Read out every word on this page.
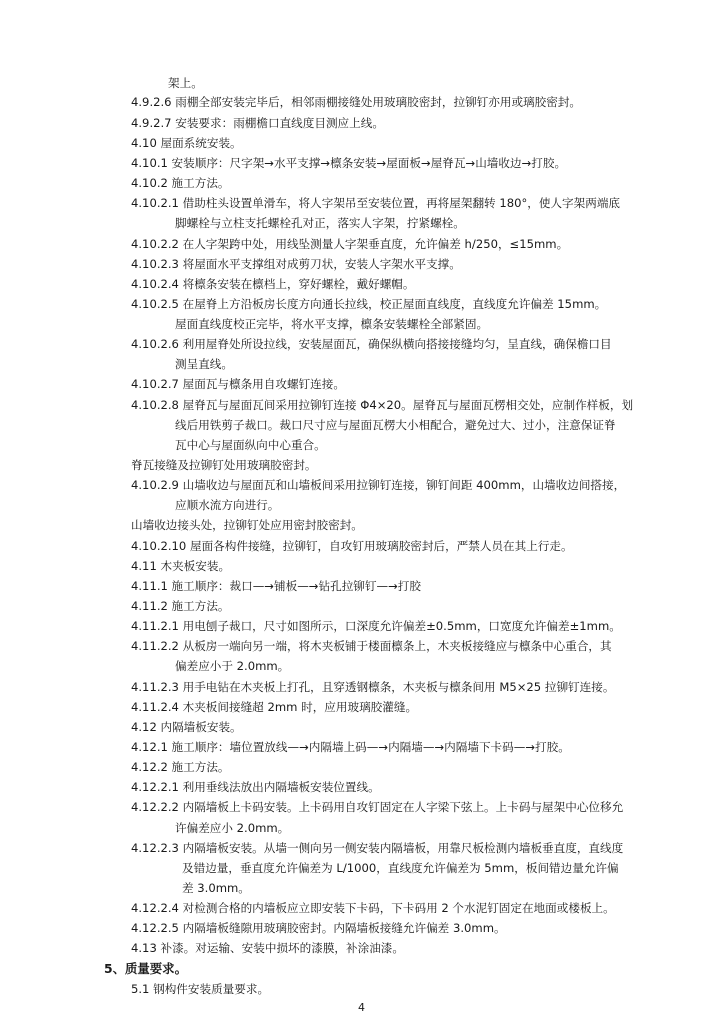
架上。
4.9.2.6 雨棚全部安装完毕后，相邻雨棚接缝处用玻璃胶密封，拉铆钉亦用或璃胶密封。
4.9.2.7 安装要求：雨棚檐口直线度目测应上线。
4.10 屋面系统安装。
4.10.1 安装顺序：尺字架→水平支撑→檩条安装→屋面板→屋脊瓦→山墙收边→打胶。
4.10.2 施工方法。
4.10.2.1 借助柱头设置单滑车，将人字架吊至安装位置，再将屋架翻转 180°，使人字架两端底
脚螺栓与立柱支托螺栓孔对正，落实人字架，拧紧螺栓。
4.10.2.2 在人字架跨中处，用线坠测量人字架垂直度，允许偏差 h/250，≤15mm。
4.10.2.3 将屋面水平支撑组对成剪刀状，安装人字架水平支撑。
4.10.2.4 将檩条安装在檩档上，穿好螺栓，戴好螺帽。
4.10.2.5 在屋脊上方沿板房长度方向通长拉线，校正屋面直线度，直线度允许偏差 15mm。
屋面直线度校正完毕，将水平支撑，檩条安装螺栓全部紧固。
4.10.2.6 利用屋脊处所设拉线，安装屋面瓦，确保纵横向搭接接缝均匀，呈直线，确保檐口目
测呈直线。
4.10.2.7 屋面瓦与檩条用自攻螺钉连接。
4.10.2.8 屋脊瓦与屋面瓦间采用拉铆钉连接 Φ4×20。屋脊瓦与屋面瓦楞相交处，应制作样板，划
线后用铁剪子裁口。裁口尺寸应与屋面瓦楞大小相配合，避免过大、过小，注意保证脊
瓦中心与屋面纵向中心重合。
脊瓦接缝及拉铆钉处用玻璃胶密封。
4.10.2.9 山墙收边与屋面瓦和山墙板间采用拉铆钉连接，铆钉间距 400mm，山墙收边间搭接，
应顺水流方向进行。
山墙收边接头处，拉铆钉处应用密封胶密封。
4.10.2.10 屋面各构件接缝，拉铆钉，自攻钉用玻璃胶密封后，严禁人员在其上行走。
4.11 木夹板安装。
4.11.1 施工顺序：裁口—→铺板—→钻孔拉铆钉—→打胶
4.11.2 施工方法。
4.11.2.1 用电刨子裁口，尺寸如图所示，口深度允许偏差±0.5mm，口宽度允许偏差±1mm。
4.11.2.2 从板房一端向另一端，将木夹板铺于楼面檩条上，木夹板接缝应与檩条中心重合，其
偏差应小于 2.0mm。
4.11.2.3 用手电钻在木夹板上打孔，且穿透钢檩条，木夹板与檩条间用 M5×25 拉铆钉连接。
4.11.2.4 木夹板间接缝超 2mm 时，应用玻璃胶灌缝。
4.12 内隔墙板安装。
4.12.1 施工顺序：墙位置放线—→内隔墙上码—→内隔墙—→内隔墙下卡码—→打胶。
4.12.2 施工方法。
4.12.2.1 利用垂线法放出内隔墙板安装位置线。
4.12.2.2 内隔墙板上卡码安装。上卡码用自攻钉固定在人字梁下弦上。上卡码与屋架中心位移允
许偏差应小 2.0mm。
4.12.2.3 内隔墙板安装。从墙一侧向另一侧安装内隔墙板，用靠尺板检测内墙板垂直度，直线度
及错边量，垂直度允许偏差为 L/1000，直线度允许偏差为 5mm，板间错边量允许偏
差 3.0mm。
4.12.2.4 对检测合格的内墙板应立即安装下卡码，下卡码用 2 个水泥钉固定在地面或楼板上。
4.12.2.5 内隔墙板缝隙用玻璃胶密封。内隔墙板接缝允许偏差 3.0mm。
4.13 补漆。对运输、安装中损坏的漆膜，补涂油漆。
5、质量要求。
5.1 钢构件安装质量要求。
4
